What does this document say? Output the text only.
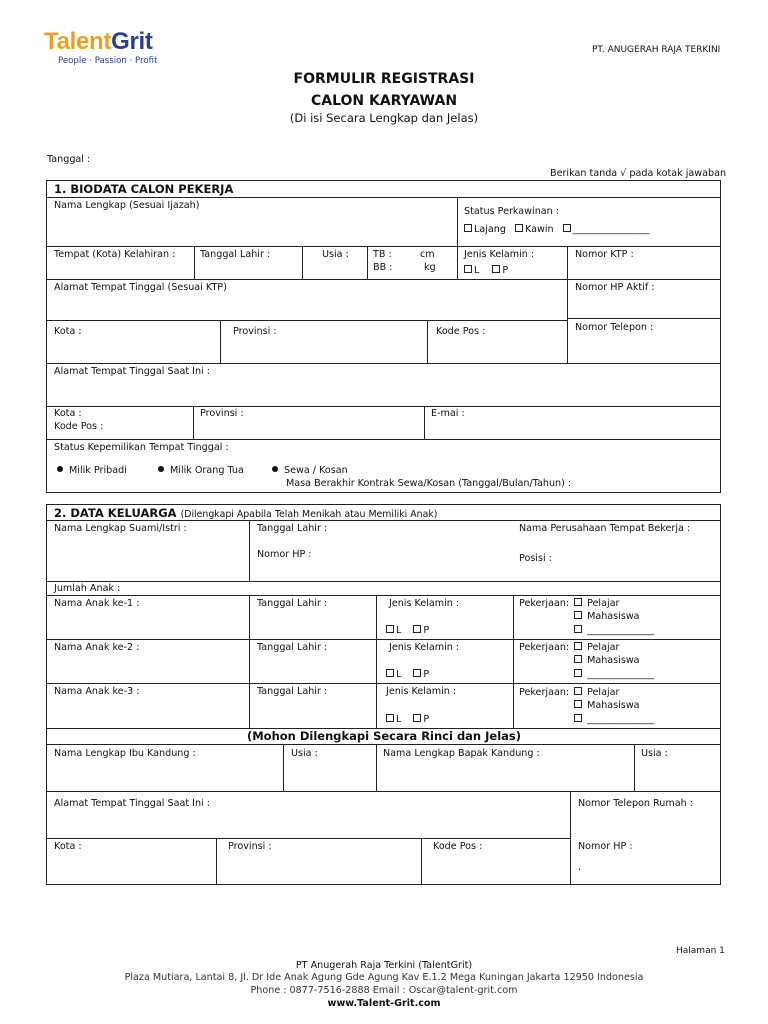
TalentGrit
People · Passion · Profit
PT. ANUGERAH RAJA TERKINI
FORMULIR REGISTRASI
CALON KARYAWAN
(Di isi Secara Lengkap dan Jelas)
Tanggal :
Berikan tanda √ pada kotak jawaban
1. BIODATA CALON PEKERJA
Nama Lengkap (Sesuai Ijazah)
Status Perkawinan :
Lajang Kawin ________________
Tempat (Kota) Kelahiran :	Tanggal Lahir :	Usia :	TB :	cm
BB :	kg
Jenis Kelamin :
L P
Nomor KTP :
Alamat Tempat Tinggal (Sesuai KTP)	Nomor HP Aktif :
Kota :	Provinsi :	Kode Pos :	Nomor Telepon :
Alamat Tempat Tinggal Saat Ini :
Kota :
Kode Pos :
Provinsi :	E-mai :
Status Kepemilikan Tempat Tinggal :
Milik Pribadi	Milik Orang Tua	Sewa / Kosan
Masa Berakhir Kontrak Sewa/Kosan (Tanggal/Bulan/Tahun) :
2. DATA KELUARGA (Dilengkapi Apabila Telah Menikah atau Memiliki Anak)
Nama Lengkap Suami/Istri :	Tanggal Lahir :
Nomor HP :
Nama Perusahaan Tempat Bekerja :
Posisi :
Jumlah Anak :
Nama Anak ke-1 :	Tanggal Lahir :	Jenis Kelamin :
L P
Pekerjaan:	Pelajar
Mahasiswa
______________
Nama Anak ke-2 :	Tanggal Lahir :	Jenis Kelamin :
L P
Pekerjaan:	Pelajar
Mahasiswa
______________
Nama Anak ke-3 :	Tanggal Lahir :	Jenis Kelamin :
L P
Pekerjaan:	Pelajar
Mahasiswa
______________
(Mohon Dilengkapi Secara Rinci dan Jelas)
Nama Lengkap Ibu Kandung :	Usia :	Nama Lengkap Bapak Kandung :	Usia :
Alamat Tempat Tinggal Saat Ini :	Nomor Telepon Rumah :
Kota :	Provinsi :	Kode Pos :	Nomor HP :
.
Halaman 1
PT Anugerah Raja Terkini (TalentGrit)
Plaza Mutiara, Lantai 8, Jl. Dr Ide Anak Agung Gde Agung Kav E.1.2 Mega Kuningan Jakarta 12950 Indonesia
Phone : 0877-7516-2888 Email : Oscar@talent-grit.com
www.Talent-Grit.com
